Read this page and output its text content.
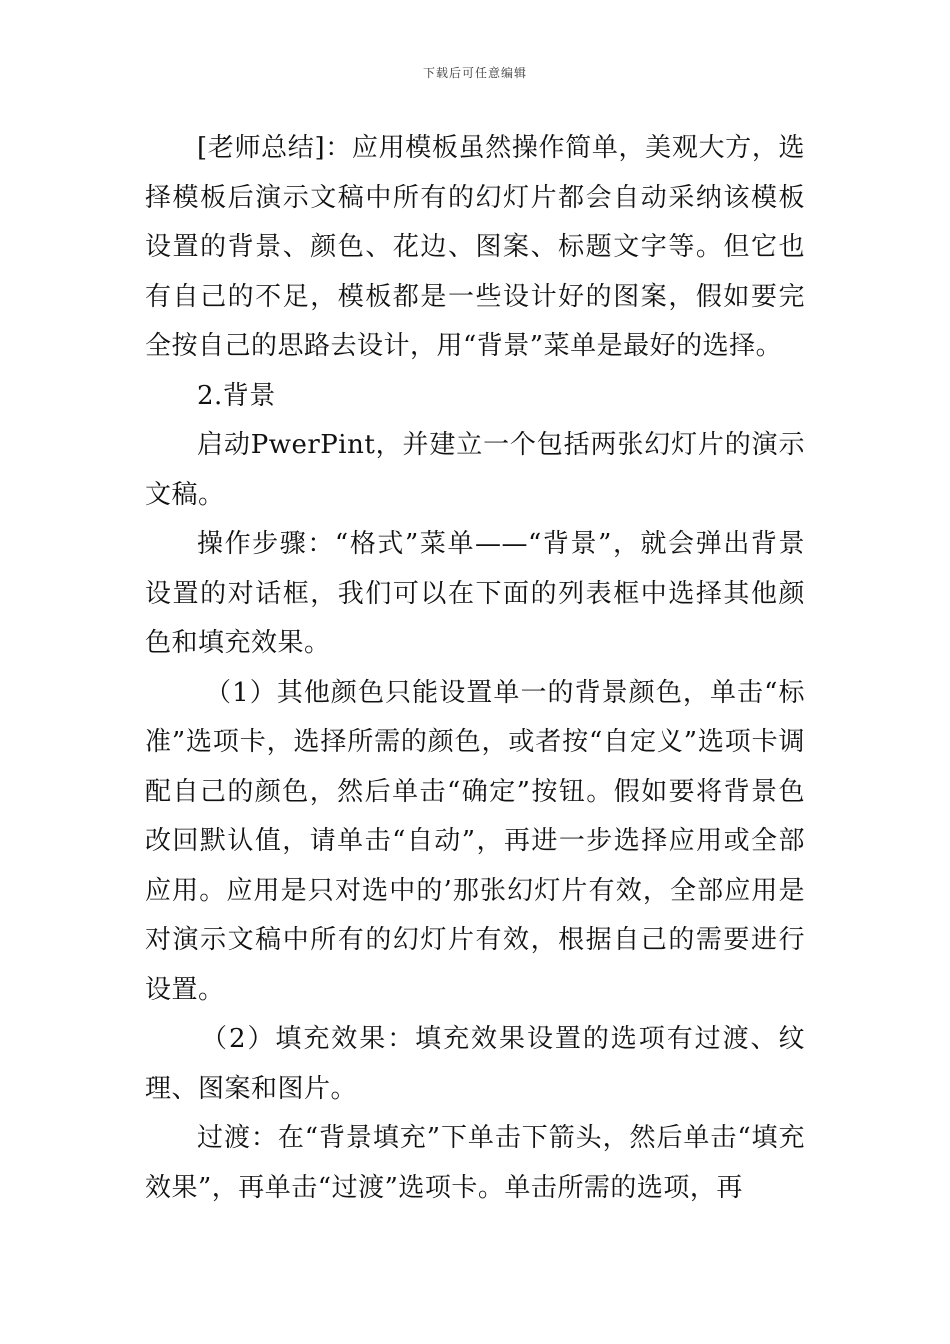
下载后可任意编辑

[老师总结]：应用模板虽然操作简单，美观大方，选择模板后演示文稿中所有的幻灯片都会自动采纳该模板设置的背景、颜色、花边、图案、标题文字等。但它也有自己的不足，模板都是一些设计好的图案，假如要完全按自己的思路去设计，用“背景”菜单是最好的选择。

2.背景

启动PwerPint，并建立一个包括两张幻灯片的演示文稿。

操作步骤：“格式”菜单——“背景”，就会弹出背景设置的对话框，我们可以在下面的列表框中选择其他颜色和填充效果。

（1）其他颜色只能设置单一的背景颜色，单击“标准”选项卡，选择所需的颜色，或者按“自定义”选项卡调配自己的颜色，然后单击“确定”按钮。假如要将背景色改回默认值，请单击“自动”，再进一步选择应用或全部应用。应用是只对选中的’那张幻灯片有效，全部应用是对演示文稿中所有的幻灯片有效，根据自己的需要进行设置。

（2）填充效果：填充效果设置的选项有过渡、纹理、图案和图片。

过渡：在“背景填充”下单击下箭头，然后单击“填充效果”，再单击“过渡”选项卡。单击所需的选项，再
